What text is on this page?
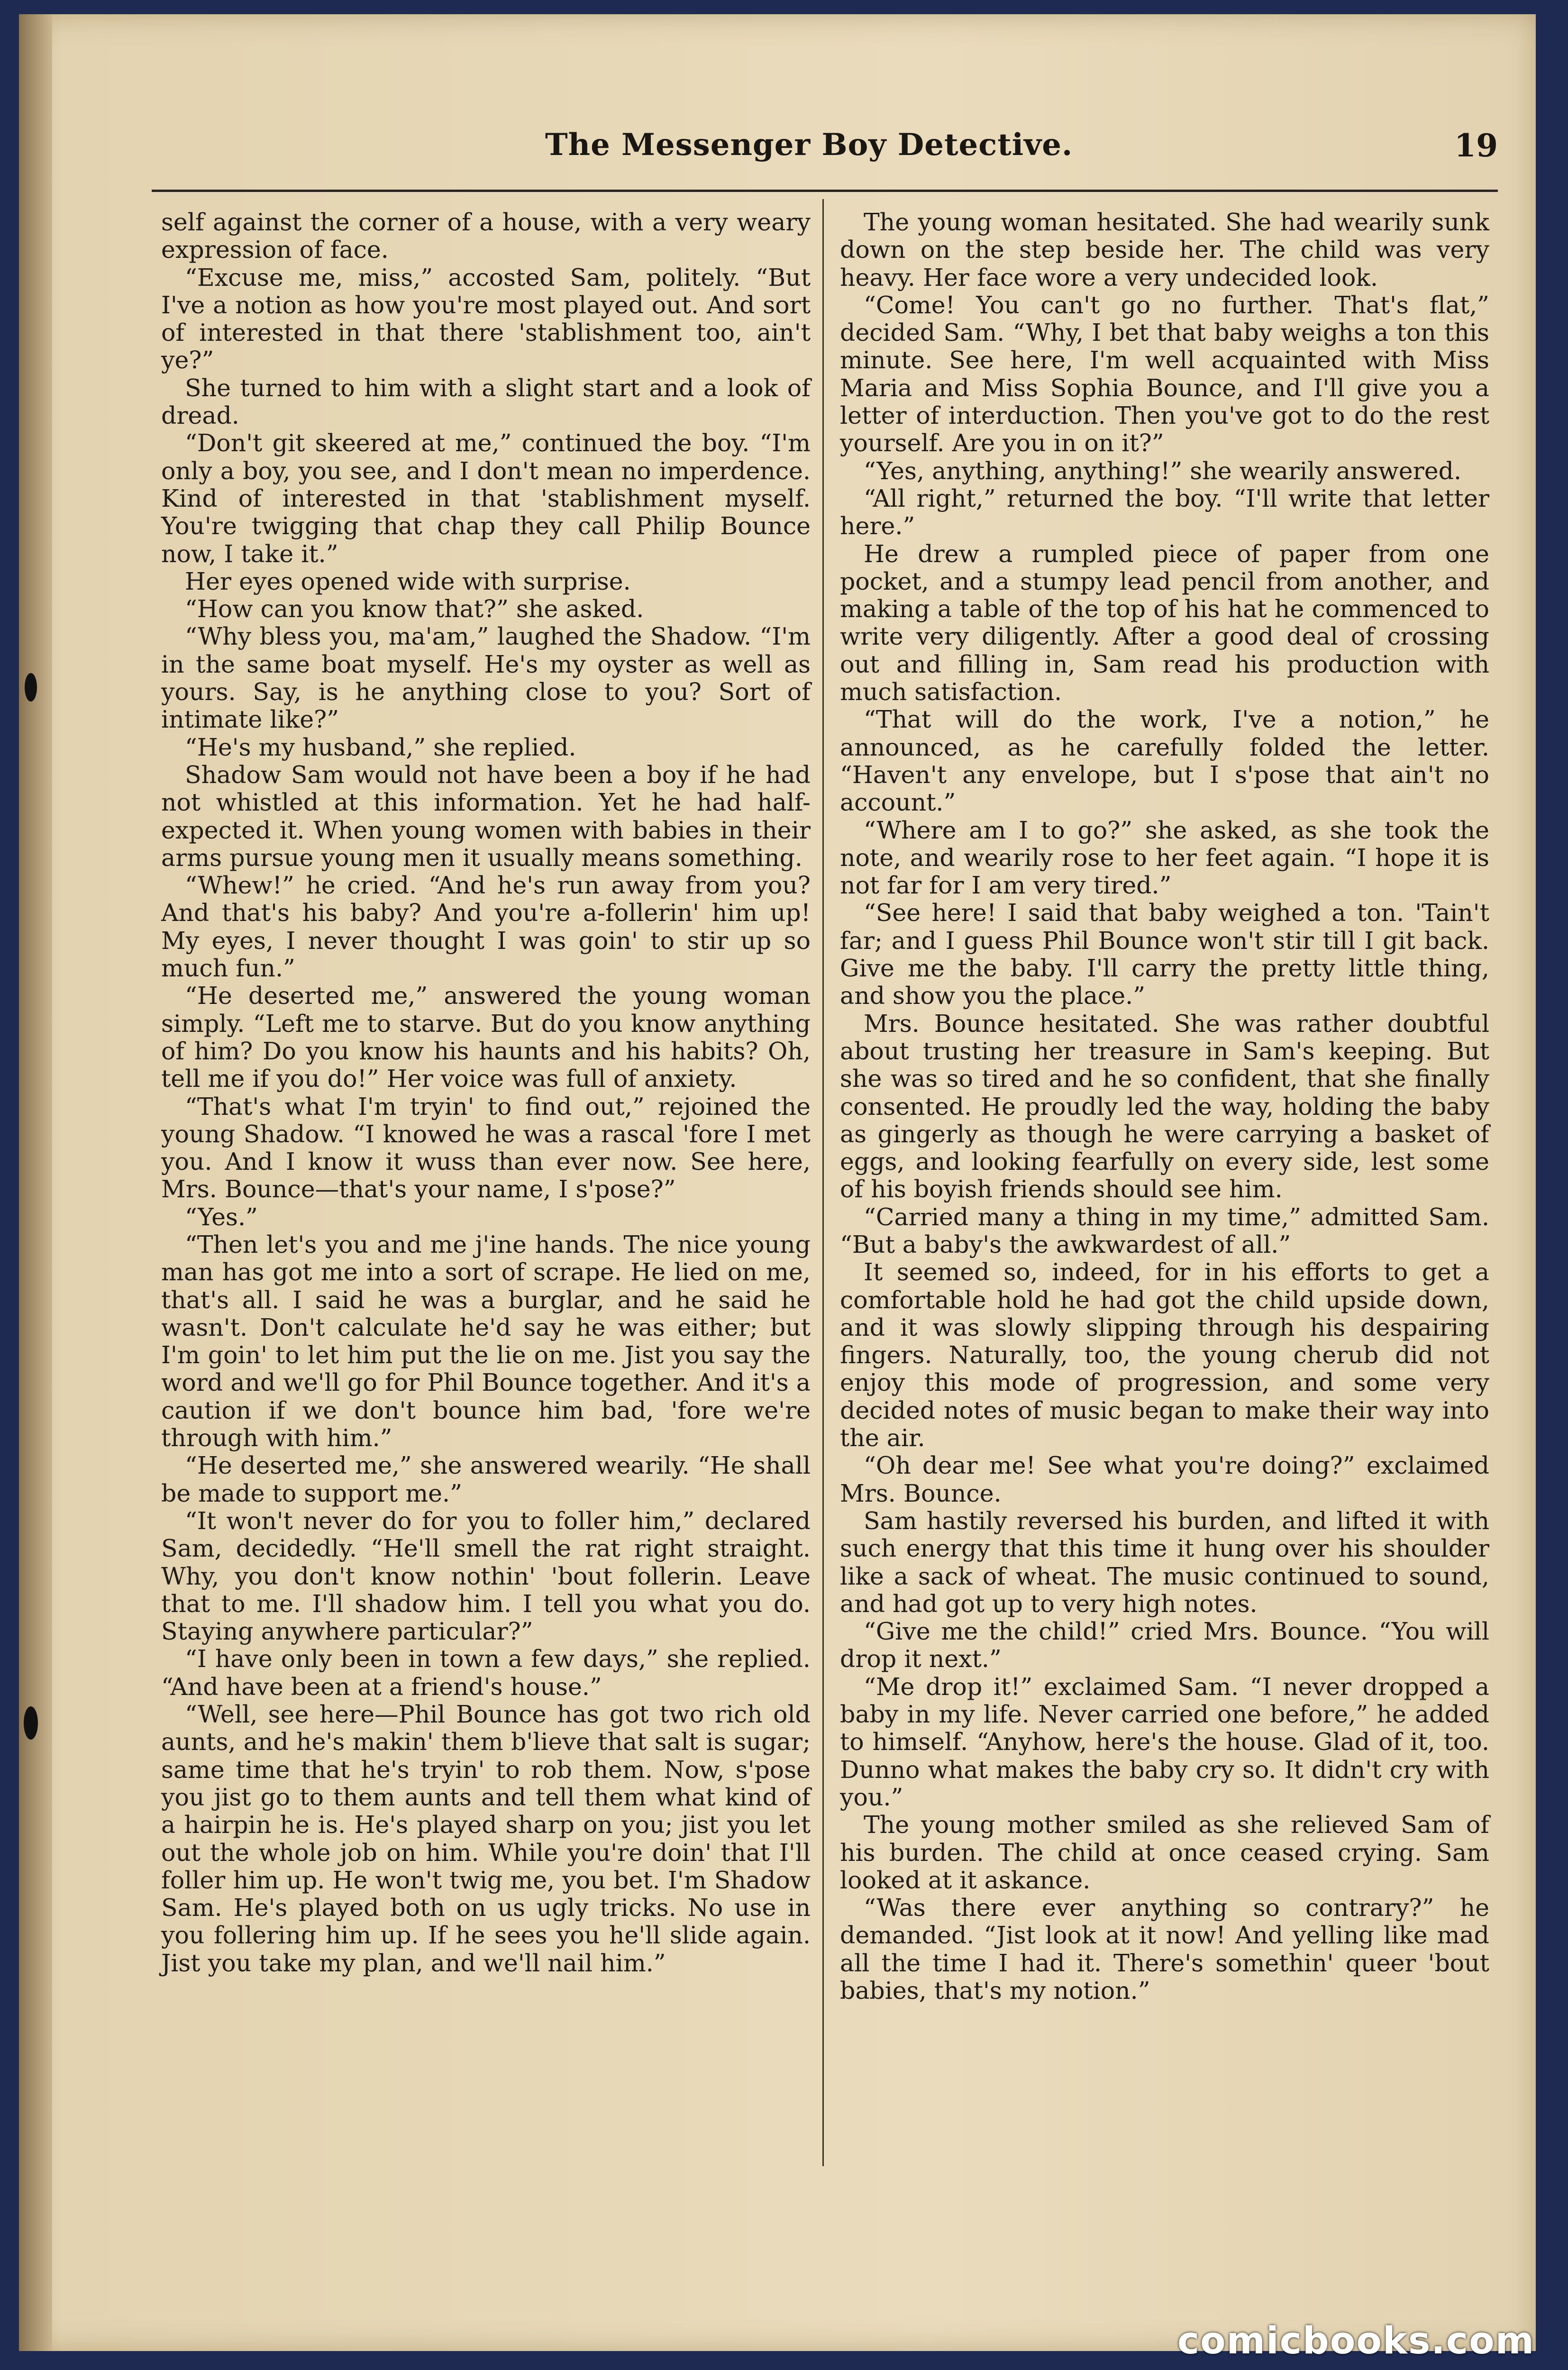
The Messenger Boy Detective.	19

self against the corner of a house, with a very weary expression of face.

“Excuse me, miss,” accosted Sam, politely. “But I've a notion as how you're most played out. And sort of interested in that there 'stablishment too, ain't ye?”

She turned to him with a slight start and a look of dread.

“Don't git skeered at me,” continued the boy. “I'm only a boy, you see, and I don't mean no imperdence. Kind of interested in that 'stablishment myself. You're twigging that chap they call Philip Bounce now, I take it.”

Her eyes opened wide with surprise.

“How can you know that?” she asked.

“Why bless you, ma'am,” laughed the Shadow. “I'm in the same boat myself. He's my oyster as well as yours. Say, is he anything close to you? Sort of intimate like?”

“He's my husband,” she replied.

Shadow Sam would not have been a boy if he had not whistled at this information. Yet he had half-expected it. When young women with babies in their arms pursue young men it usually means something.

“Whew!” he cried. “And he's run away from you? And that's his baby? And you're a-follerin' him up! My eyes, I never thought I was goin' to stir up so much fun.”

“He deserted me,” answered the young woman simply. “Left me to starve. But do you know anything of him? Do you know his haunts and his habits? Oh, tell me if you do!” Her voice was full of anxiety.

“That's what I'm tryin' to find out,” rejoined the young Shadow. “I knowed he was a rascal 'fore I met you. And I know it wuss than ever now. See here, Mrs. Bounce—that's your name, I s'pose?”

“Yes.”

“Then let's you and me j'ine hands. The nice young man has got me into a sort of scrape. He lied on me, that's all. I said he was a burglar, and he said he wasn't. Don't calculate he'd say he was either; but I'm goin' to let him put the lie on me. Jist you say the word and we'll go for Phil Bounce together. And it's a caution if we don't bounce him bad, 'fore we're through with him.”

“He deserted me,” she answered wearily. “He shall be made to support me.”

“It won't never do for you to foller him,” declared Sam, decidedly. “He'll smell the rat right straight. Why, you don't know nothin' 'bout follerin. Leave that to me. I'll shadow him. I tell you what you do. Staying anywhere particular?”

“I have only been in town a few days,” she replied. “And have been at a friend's house.”

“Well, see here—Phil Bounce has got two rich old aunts, and he's makin' them b'lieve that salt is sugar; same time that he's tryin' to rob them. Now, s'pose you jist go to them aunts and tell them what kind of a hairpin he is. He's played sharp on you; jist you let out the whole job on him. While you're doin' that I'll foller him up. He won't twig me, you bet. I'm Shadow Sam. He's played both on us ugly tricks. No use in you follering him up. If he sees you he'll slide again. Jist you take my plan, and we'll nail him.”

The young woman hesitated. She had wearily sunk down on the step beside her. The child was very heavy. Her face wore a very undecided look.

“Come! You can't go no further. That's flat,” decided Sam. “Why, I bet that baby weighs a ton this minute. See here, I'm well acquainted with Miss Maria and Miss Sophia Bounce, and I'll give you a letter of interduction. Then you've got to do the rest yourself. Are you in on it?”

“Yes, anything, anything!” she wearily answered.

“All right,” returned the boy. “I'll write that letter here.”

He drew a rumpled piece of paper from one pocket, and a stumpy lead pencil from another, and making a table of the top of his hat he commenced to write very diligently. After a good deal of crossing out and filling in, Sam read his production with much satisfaction.

“That will do the work, I've a notion,” he announced, as he carefully folded the letter. “Haven't any envelope, but I s'pose that ain't no account.”

“Where am I to go?” she asked, as she took the note, and wearily rose to her feet again. “I hope it is not far for I am very tired.”

“See here! I said that baby weighed a ton. 'Tain't far; and I guess Phil Bounce won't stir till I git back. Give me the baby. I'll carry the pretty little thing, and show you the place.”

Mrs. Bounce hesitated. She was rather doubtful about trusting her treasure in Sam's keeping. But she was so tired and he so confident, that she finally consented. He proudly led the way, holding the baby as gingerly as though he were carrying a basket of eggs, and looking fearfully on every side, lest some of his boyish friends should see him.

“Carried many a thing in my time,” admitted Sam. “But a baby's the awkwardest of all.”

It seemed so, indeed, for in his efforts to get a comfortable hold he had got the child upside down, and it was slowly slipping through his despairing fingers. Naturally, too, the young cherub did not enjoy this mode of progression, and some very decided notes of music began to make their way into the air.

“Oh dear me! See what you're doing?” exclaimed Mrs. Bounce.

Sam hastily reversed his burden, and lifted it with such energy that this time it hung over his shoulder like a sack of wheat. The music continued to sound, and had got up to very high notes.

“Give me the child!” cried Mrs. Bounce. “You will drop it next.”

“Me drop it!” exclaimed Sam. “I never dropped a baby in my life. Never carried one before,” he added to himself. “Anyhow, here's the house. Glad of it, too. Dunno what makes the baby cry so. It didn't cry with you.”

The young mother smiled as she relieved Sam of his burden. The child at once ceased crying. Sam looked at it askance.

“Was there ever anything so contrary?” he demanded. “Jist look at it now! And yelling like mad all the time I had it. There's somethin' queer 'bout babies, that's my notion.”

comicbooks.com
